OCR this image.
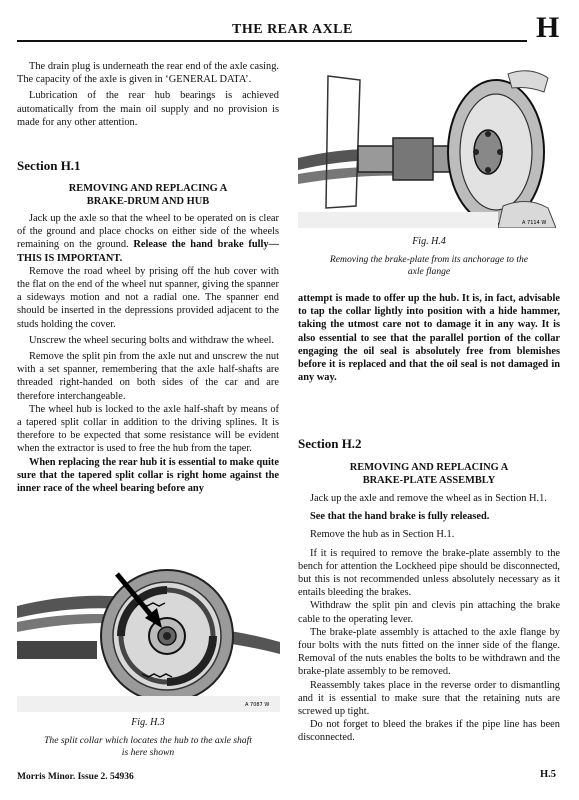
THE REAR AXLE	H

The drain plug is underneath the rear end of the axle casing. The capacity of the axle is given in ‘GENERAL DATA’.

Lubrication of the rear hub bearings is achieved automatically from the main oil supply and no provision is made for any other attention.

Section H.1

REMOVING AND REPLACING A

BRAKE-DRUM AND HUB

Jack up the axle so that the wheel to be operated on is clear of the ground and place chocks on either side of the wheels remaining on the ground. Release the hand brake fully—THIS IS IMPORTANT.

Remove the road wheel by prising off the hub cover with the flat on the end of the wheel nut spanner, giving the spanner a sideways motion and not a radial one. The spanner end should be inserted in the depressions provided adjacent to the studs holding the cover.

Unscrew the wheel securing bolts and withdraw the wheel.

Remove the split pin from the axle nut and unscrew the nut with a set spanner, remembering that the axle half-shafts are threaded right-handed on both sides of the car and are therefore interchangeable.

The wheel hub is locked to the axle half-shaft by means of a tapered split collar in addition to the driving splines. It is therefore to be expected that some resistance will be evident when the extractor is used to free the hub from the taper.

When replacing the rear hub it is essential to make quite sure that the tapered split collar is right home against the inner race of the wheel bearing before any

A 7087 W
Fig. H.3

The split collar which locates the hub to the axle shaft

is here shown

A 7114 W
Fig. H.4

Removing the brake-plate from its anchorage to the

axle flange

attempt is made to offer up the hub. It is, in fact, advisable to tap the collar lightly into position with a hide hammer, taking the utmost care not to damage it in any way. It is also essential to see that the parallel portion of the collar engaging the oil seal is absolutely free from blemishes before it is replaced and that the oil seal is not damaged in any way.

Section H.2

REMOVING AND REPLACING A

BRAKE-PLATE ASSEMBLY

Jack up the axle and remove the wheel as in Section H.1.

See that the hand brake is fully released.

Remove the hub as in Section H.1.

If it is required to remove the brake-plate assembly to the bench for attention the Lockheed pipe should be disconnected, but this is not recommended unless absolutely necessary as it entails bleeding the brakes.

Withdraw the split pin and clevis pin attaching the brake cable to the operating lever.

The brake-plate assembly is attached to the axle flange by four bolts with the nuts fitted on the inner side of the flange. Removal of the nuts enables the bolts to be withdrawn and the brake-plate assembly to be removed.

Reassembly takes place in the reverse order to dismantling and it is essential to make sure that the retaining nuts are screwed up tight.

Do not forget to bleed the brakes if the pipe line has been disconnected.

Morris Minor. Issue 2. 54936	H.5
